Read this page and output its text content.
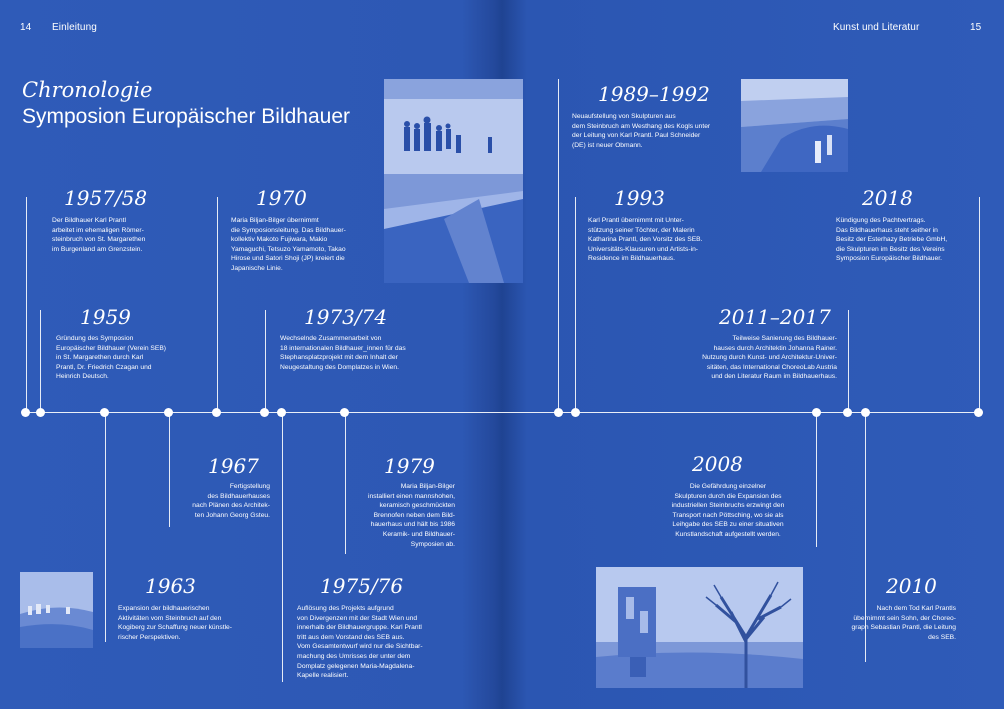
14 Einleitung	Kunst und Literatur	15
Chronologie
Symposion Europäischer Bildhauer
1957/58
Der Bildhauer Karl Prantl
arbeitet im ehemaligen Römer-
steinbruch von St. Margarethen
im Burgenland am Grenzstein.
1959
Gründung des Symposion
Europäischer Bildhauer (Verein SEB)
in St. Margarethen durch Karl
Prantl, Dr. Friedrich Czagan und
Heinrich Deutsch.
1970
Maria Biljan-Bilger übernimmt
die Symposionsleitung. Das Bildhauer-
kollektiv Makoto Fujiwara, Makio
Yamaguchi, Tetsuzo Yamamoto, Takao
Hirose und Satori Shoji (JP) kreiert die
Japanische Linie.
1973/74
Wechselnde Zusammenarbeit von
18 internationalen Bildhauer_innen für das
Stephansplatzprojekt mit dem Inhalt der
Neugestaltung des Domplatzes in Wien.
1967
Fertigstellung
des Bildhauerhauses
nach Plänen des Architek-
ten Johann Georg Gsteu.
1979
Maria Biljan-Bilger
installiert einen mannshohen,
keramisch geschmückten
Brennofen neben dem Bild-
hauerhaus und hält bis 1986
Keramik- und Bildhauer-
Symposien ab.
1963
Expansion der bildhauerischen
Aktivitäten vom Steinbruch auf den
Kogiberg zur Schaffung neuer künstle-
rischer Perspektiven.
1975/76
Auflösung des Projekts aufgrund
von Divergenzen mit der Stadt Wien und
innerhalb der Bildhauergruppe. Karl Prantl
tritt aus dem Vorstand des SEB aus.
Vom Gesamtentwurf wird nur die Sichtbar-
machung des Umrisses der unter dem
Domplatz gelegenen Maria-Magdalena-
Kapelle realisiert.
1989–1992
Neuaufstellung von Skulpturen aus
dem Steinbruch am Westhang des Kogls unter
der Leitung von Karl Prantl. Paul Schneider
(DE) ist neuer Obmann.
1993
Karl Prantl übernimmt mit Unter-
stützung seiner Töchter, der Malerin
Katharina Prantl, den Vorsitz des SEB.
Universitäts-Klausuren und Artists-in-
Residence im Bildhauerhaus.
2018
Kündigung des Pachtvertrags.
Das Bildhauerhaus steht seither in
Besitz der Esterhazy Betriebe GmbH,
die Skulpturen im Besitz des Vereins
Symposion Europäischer Bildhauer.
2011–2017
Teilweise Sanierung des Bildhauer-
hauses durch Architektin Johanna Rainer.
Nutzung durch Kunst- und Architektur-Univer-
sitäten, das International ChoreoLab Austria
und den Literatur Raum im Bildhauerhaus.
2008
Die Gefährdung einzelner
Skulpturen durch die Expansion des
industriellen Steinbruchs erzwingt den
Transport nach Pöttsching, wo sie als
Leihgabe des SEB zu einer situativen
Kunstlandschaft aufgestellt werden.
2010
Nach dem Tod Karl Prantls
übernimmt sein Sohn, der Choreo-
graph Sebastian Prantl, die Leitung
des SEB.
